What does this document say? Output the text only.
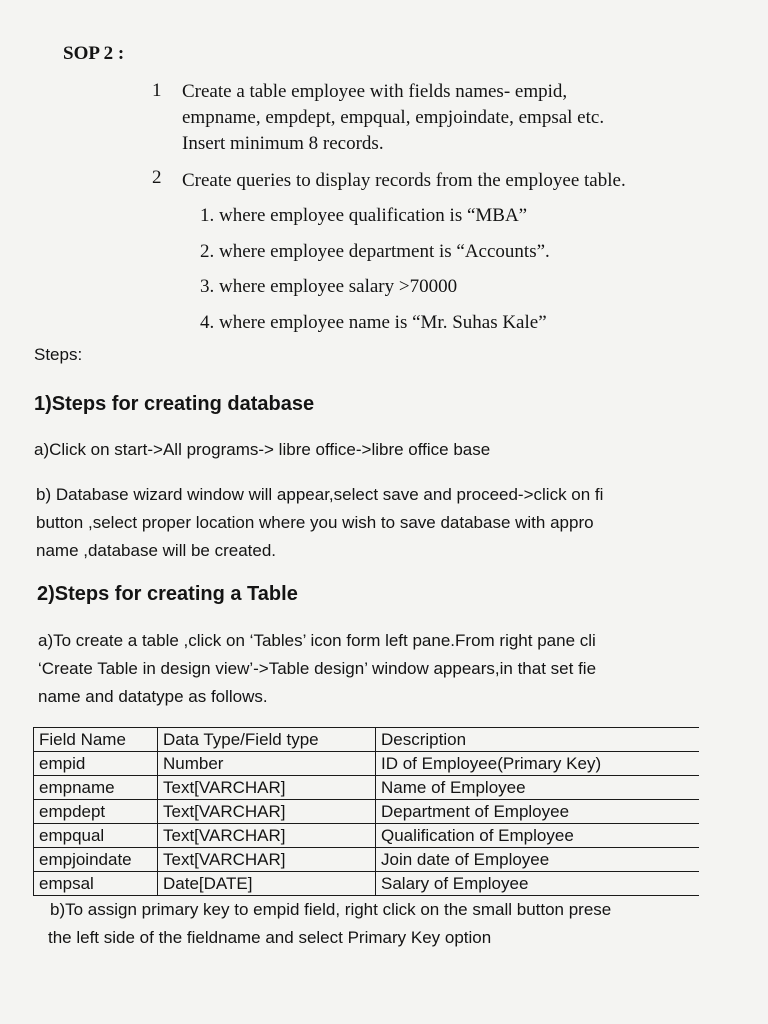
SOP 2 :
1 Create a table employee with fields names- empid,
empname, empdept, empqual, empjoindate, empsal etc.
Insert minimum 8 records.
2 Create queries to display records from the employee table.
1. where employee qualification is “MBA”
2. where employee department is “Accounts”.
3. where employee salary >70000
4. where employee name is “Mr. Suhas Kale”
Steps:
1)Steps for creating database
a)Click on start->All programs-> libre office->libre office base
b) Database wizard window will appear,select save and proceed->click on fi
button ,select proper location where you wish to save database with appro
name ,database will be created.
2)Steps for creating a Table
a)To create a table ,click on ‘Tables’ icon form left pane.From right pane cli
‘Create Table in design view’->Table design’ window appears,in that set fie
name and datatype as follows.
Field Name	Data Type/Field type	Description
empid	Number	ID of Employee(Primary Key)
empname	Text[VARCHAR]	Name of Employee
empdept	Text[VARCHAR]	Department of Employee
empqual	Text[VARCHAR]	Qualification of Employee
empjoindate	Text[VARCHAR]	Join date of Employee
empsal	Date[DATE]	Salary of Employee
b)To assign primary key to empid field, right click on the small button prese
the left side of the fieldname and select Primary Key option
